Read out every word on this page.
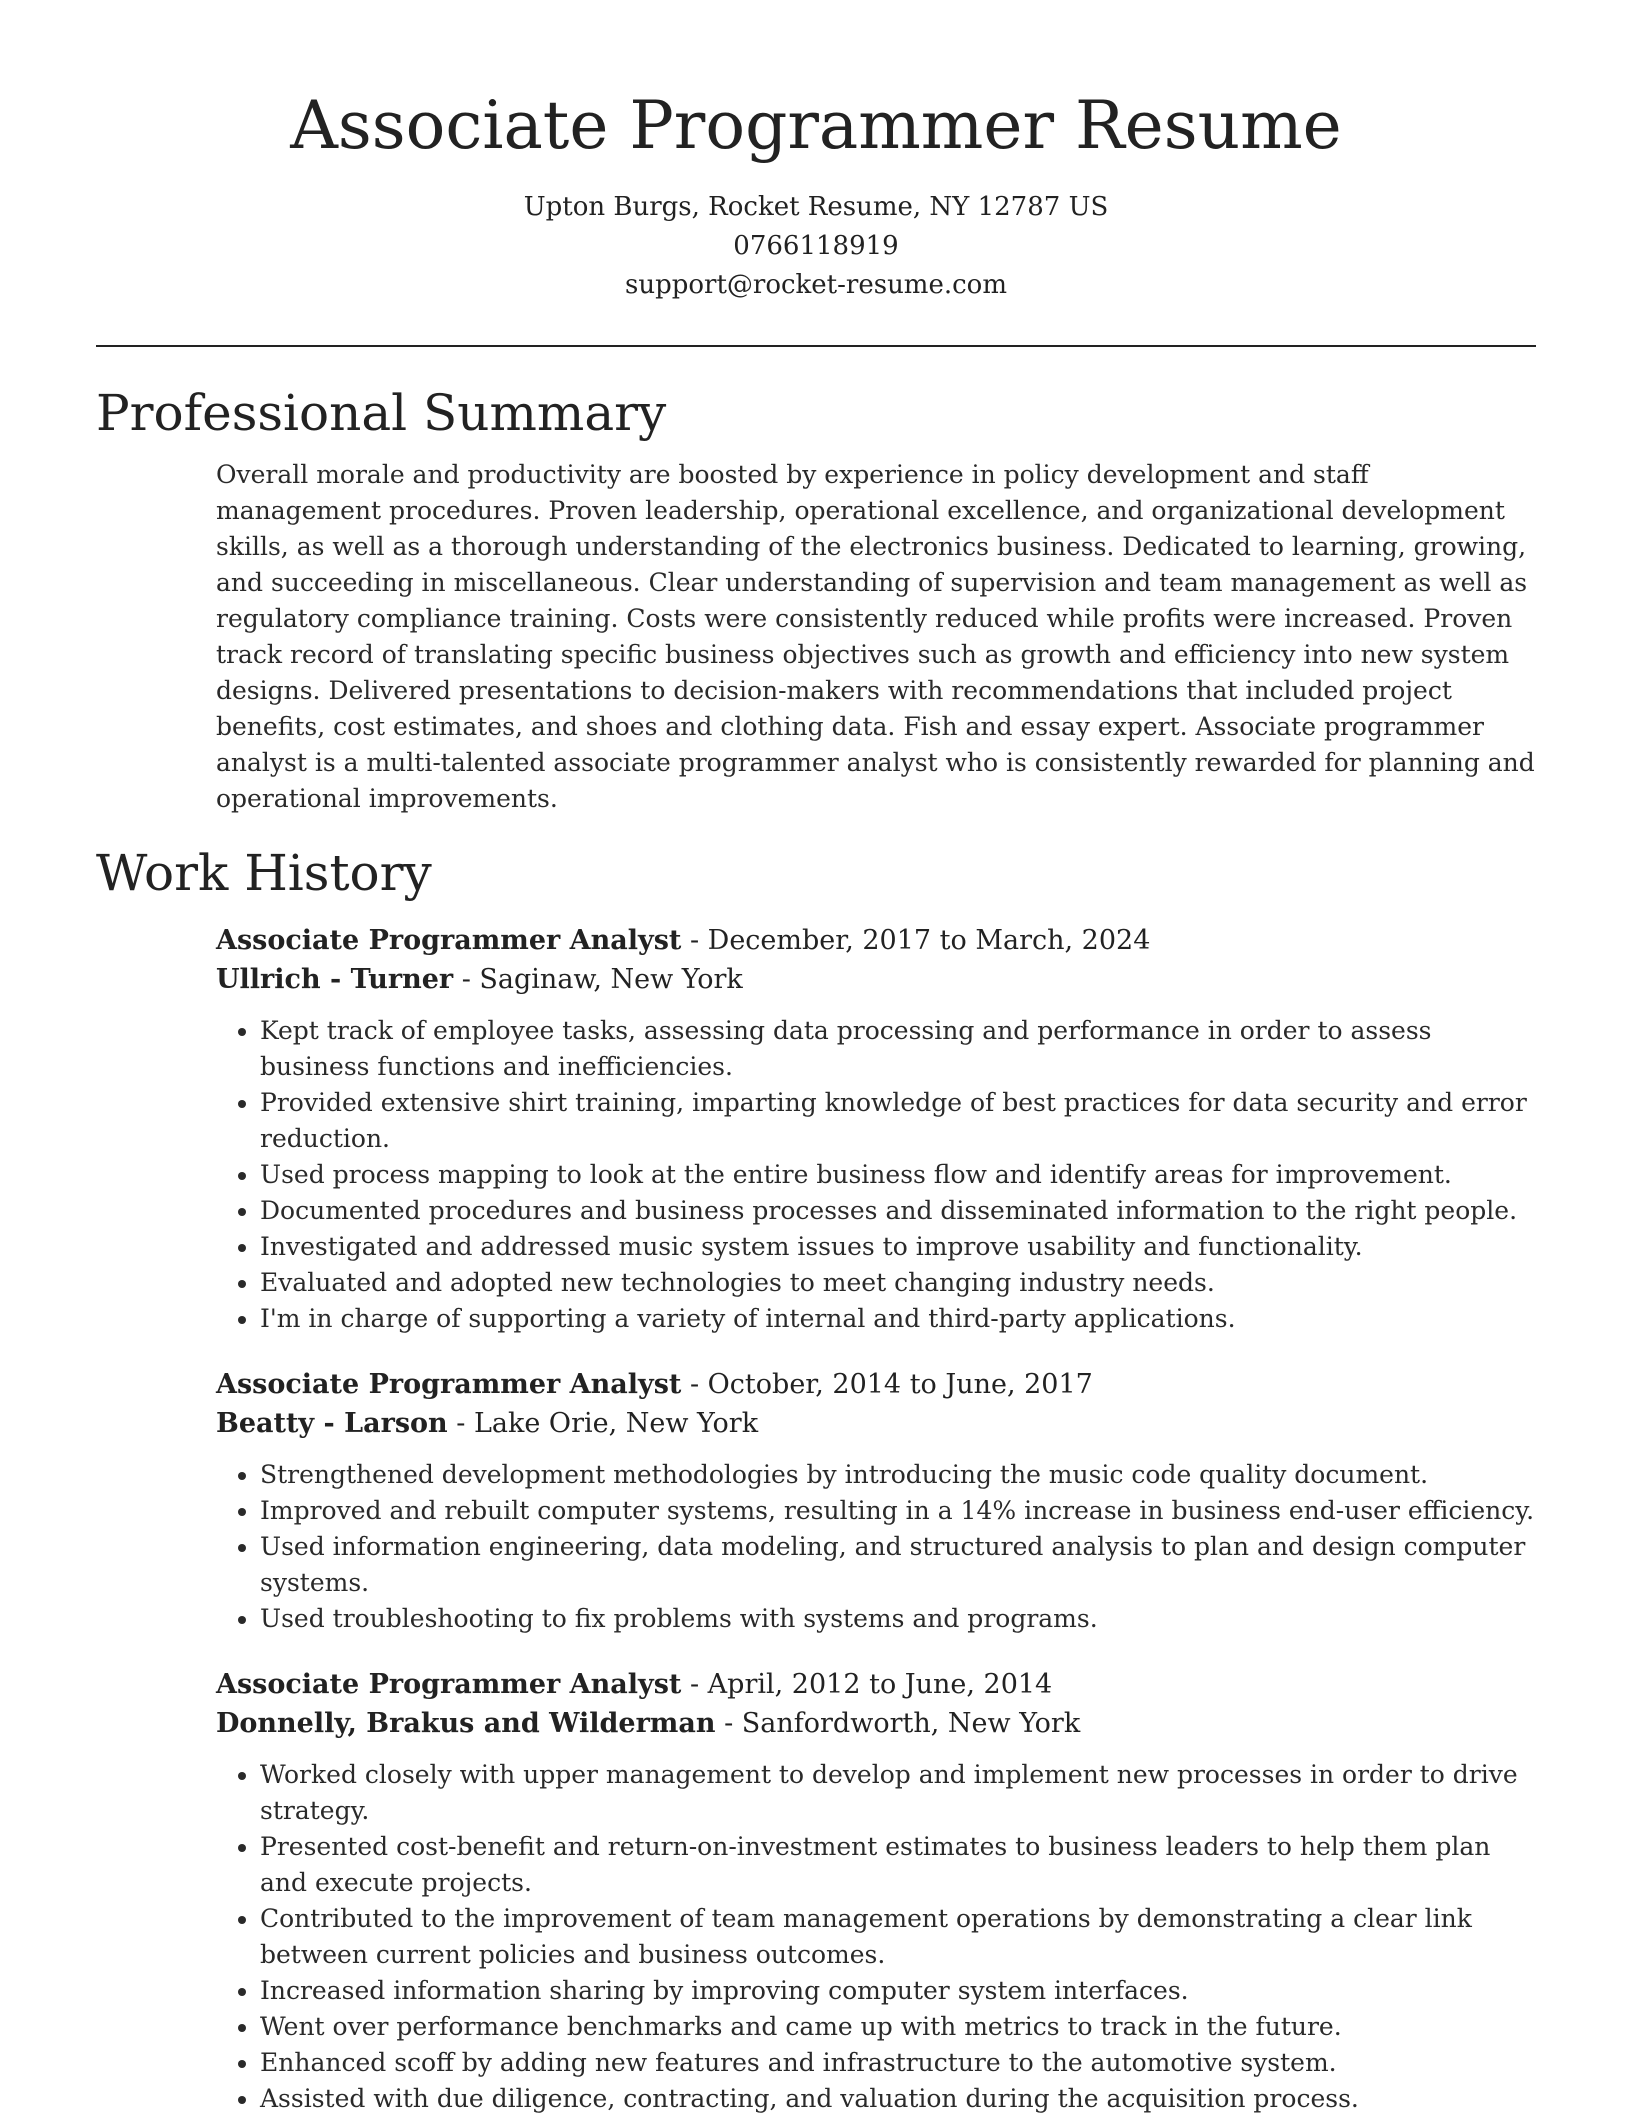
Associate Programmer Resume

Upton Burgs, Rocket Resume, NY 12787 US

0766118919

support@rocket-resume.com

Professional Summary

Overall morale and productivity are boosted by experience in policy development and staff management procedures. Proven leadership, operational excellence, and organizational development skills, as well as a thorough understanding of the electronics business. Dedicated to learning, growing, and succeeding in miscellaneous. Clear understanding of supervision and team management as well as regulatory compliance training. Costs were consistently reduced while profits were increased. Proven track record of translating specific business objectives such as growth and efficiency into new system designs. Delivered presentations to decision-makers with recommendations that included project benefits, cost estimates, and shoes and clothing data. Fish and essay expert. Associate programmer analyst is a multi-talented associate programmer analyst who is consistently rewarded for planning and operational improvements.

Work History

Associate Programmer Analyst - December, 2017 to March, 2024

Ullrich - Turner - Saginaw, New York

• Kept track of employee tasks, assessing data processing and performance in order to assess business functions and inefficiencies.
• Provided extensive shirt training, imparting knowledge of best practices for data security and error reduction.
• Used process mapping to look at the entire business flow and identify areas for improvement.
• Documented procedures and business processes and disseminated information to the right people.
• Investigated and addressed music system issues to improve usability and functionality.
• Evaluated and adopted new technologies to meet changing industry needs.
• I'm in charge of supporting a variety of internal and third-party applications.

Associate Programmer Analyst - October, 2014 to June, 2017

Beatty - Larson - Lake Orie, New York

• Strengthened development methodologies by introducing the music code quality document.
• Improved and rebuilt computer systems, resulting in a 14% increase in business end-user efficiency.
• Used information engineering, data modeling, and structured analysis to plan and design computer systems.
• Used troubleshooting to fix problems with systems and programs.

Associate Programmer Analyst - April, 2012 to June, 2014

Donnelly, Brakus and Wilderman - Sanfordworth, New York

• Worked closely with upper management to develop and implement new processes in order to drive strategy.
• Presented cost-benefit and return-on-investment estimates to business leaders to help them plan and execute projects.
• Contributed to the improvement of team management operations by demonstrating a clear link between current policies and business outcomes.
• Increased information sharing by improving computer system interfaces.
• Went over performance benchmarks and came up with metrics to track in the future.
• Enhanced scoff by adding new features and infrastructure to the automotive system.
• Assisted with due diligence, contracting, and valuation during the acquisition process.
